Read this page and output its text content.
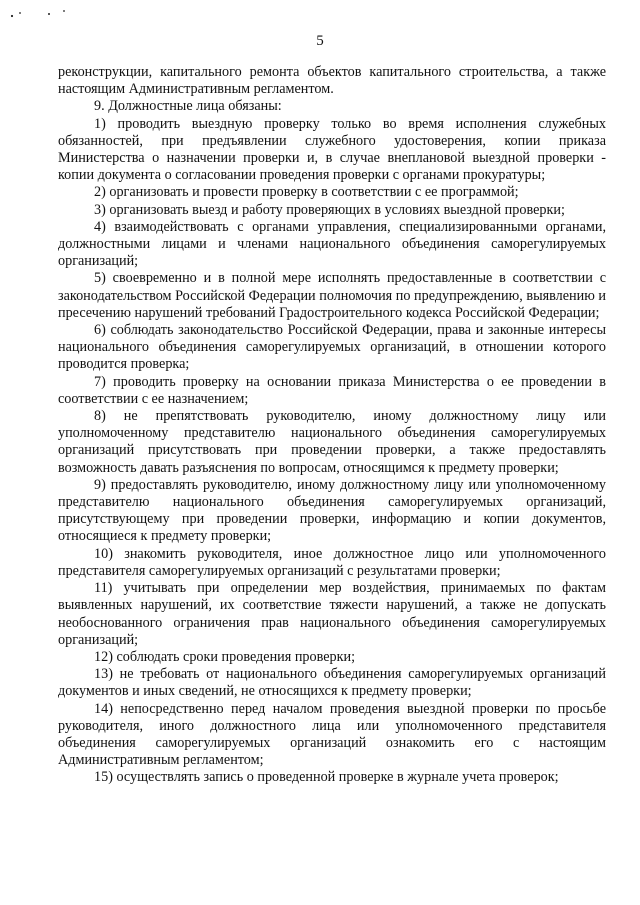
5

реконструкции, капитального ремонта объектов капитального строительства, а также настоящим Административным регламентом.

9. Должностные лица обязаны:

1) проводить выездную проверку только во время исполнения служебных обязанностей, при предъявлении служебного удостоверения, копии приказа Министерства о назначении проверки и, в случае внеплановой выездной проверки - копии документа о согласовании проведения проверки с органами прокуратуры;

2) организовать и провести проверку в соответствии с ее программой;

3) организовать выезд и работу проверяющих в условиях выездной проверки;

4) взаимодействовать с органами управления, специализированными органами, должностными лицами и членами национального объединения саморегулируемых организаций;

5) своевременно и в полной мере исполнять предоставленные в соответствии с законодательством Российской Федерации полномочия по предупреждению, выявлению и пресечению нарушений требований Градостроительного кодекса Российской Федерации;

6) соблюдать законодательство Российской Федерации, права и законные интересы национального объединения саморегулируемых организаций, в отношении которого проводится проверка;

7) проводить проверку на основании приказа Министерства о ее проведении в соответствии с ее назначением;

8) не препятствовать руководителю, иному должностному лицу или уполномоченному представителю национального объединения саморегулируемых организаций присутствовать при проведении проверки, а также предоставлять возможность давать разъяснения по вопросам, относящимся к предмету проверки;

9) предоставлять руководителю, иному должностному лицу или уполномоченному представителю национального объединения саморегулируемых организаций, присутствующему при проведении проверки, информацию и копии документов, относящиеся к предмету проверки;

10) знакомить руководителя, иное должностное лицо или уполномоченного представителя саморегулируемых организаций с результатами проверки;

11) учитывать при определении мер воздействия, принимаемых по фактам выявленных нарушений, их соответствие тяжести нарушений, а также не допускать необоснованного ограничения прав национального объединения саморегулируемых организаций;

12) соблюдать сроки проведения проверки;

13) не требовать от национального объединения саморегулируемых организаций документов и иных сведений, не относящихся к предмету проверки;

14) непосредственно перед началом проведения выездной проверки по просьбе руководителя, иного должностного лица или уполномоченного представителя объединения саморегулируемых организаций ознакомить его с настоящим Административным регламентом;

15) осуществлять запись о проведенной проверке в журнале учета проверок;
